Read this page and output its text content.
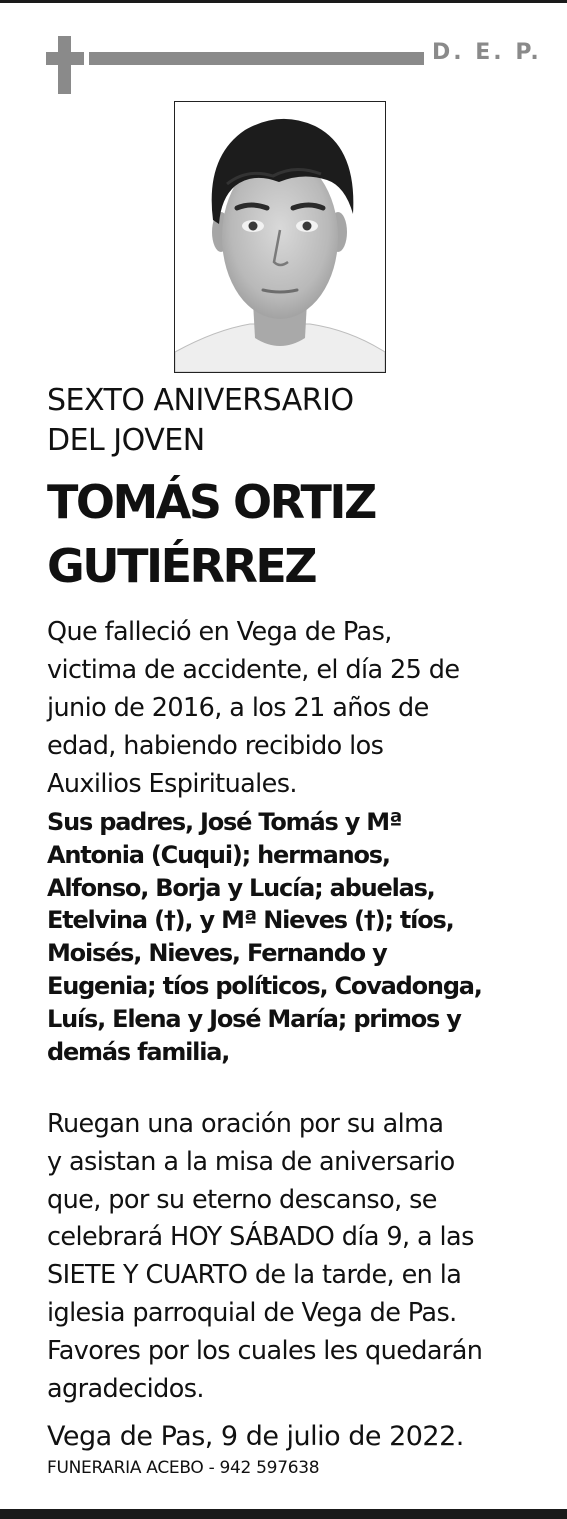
D. E. P.
SEXTO ANIVERSARIO
DEL JOVEN
TOMÁS ORTIZ
GUTIÉRREZ
Que falleció en Vega de Pas,
victima de accidente, el día 25 de
junio de 2016, a los 21 años de
edad, habiendo recibido los
Auxilios Espirituales.
Sus padres, José Tomás y Mª
Antonia (Cuqui); hermanos,
Alfonso, Borja y Lucía; abuelas,
Etelvina (†), y Mª Nieves (†); tíos,
Moisés, Nieves, Fernando y
Eugenia; tíos políticos, Covadonga,
Luís, Elena y José María; primos y
demás familia,
Ruegan una oración por su alma
y asistan a la misa de aniversario
que, por su eterno descanso, se
celebrará HOY SÁBADO día 9, a las
SIETE Y CUARTO de la tarde, en la
iglesia parroquial de Vega de Pas.
Favores por los cuales les quedarán
agradecidos.
Vega de Pas, 9 de julio de 2022.
FUNERARIA ACEBO - 942 597638
